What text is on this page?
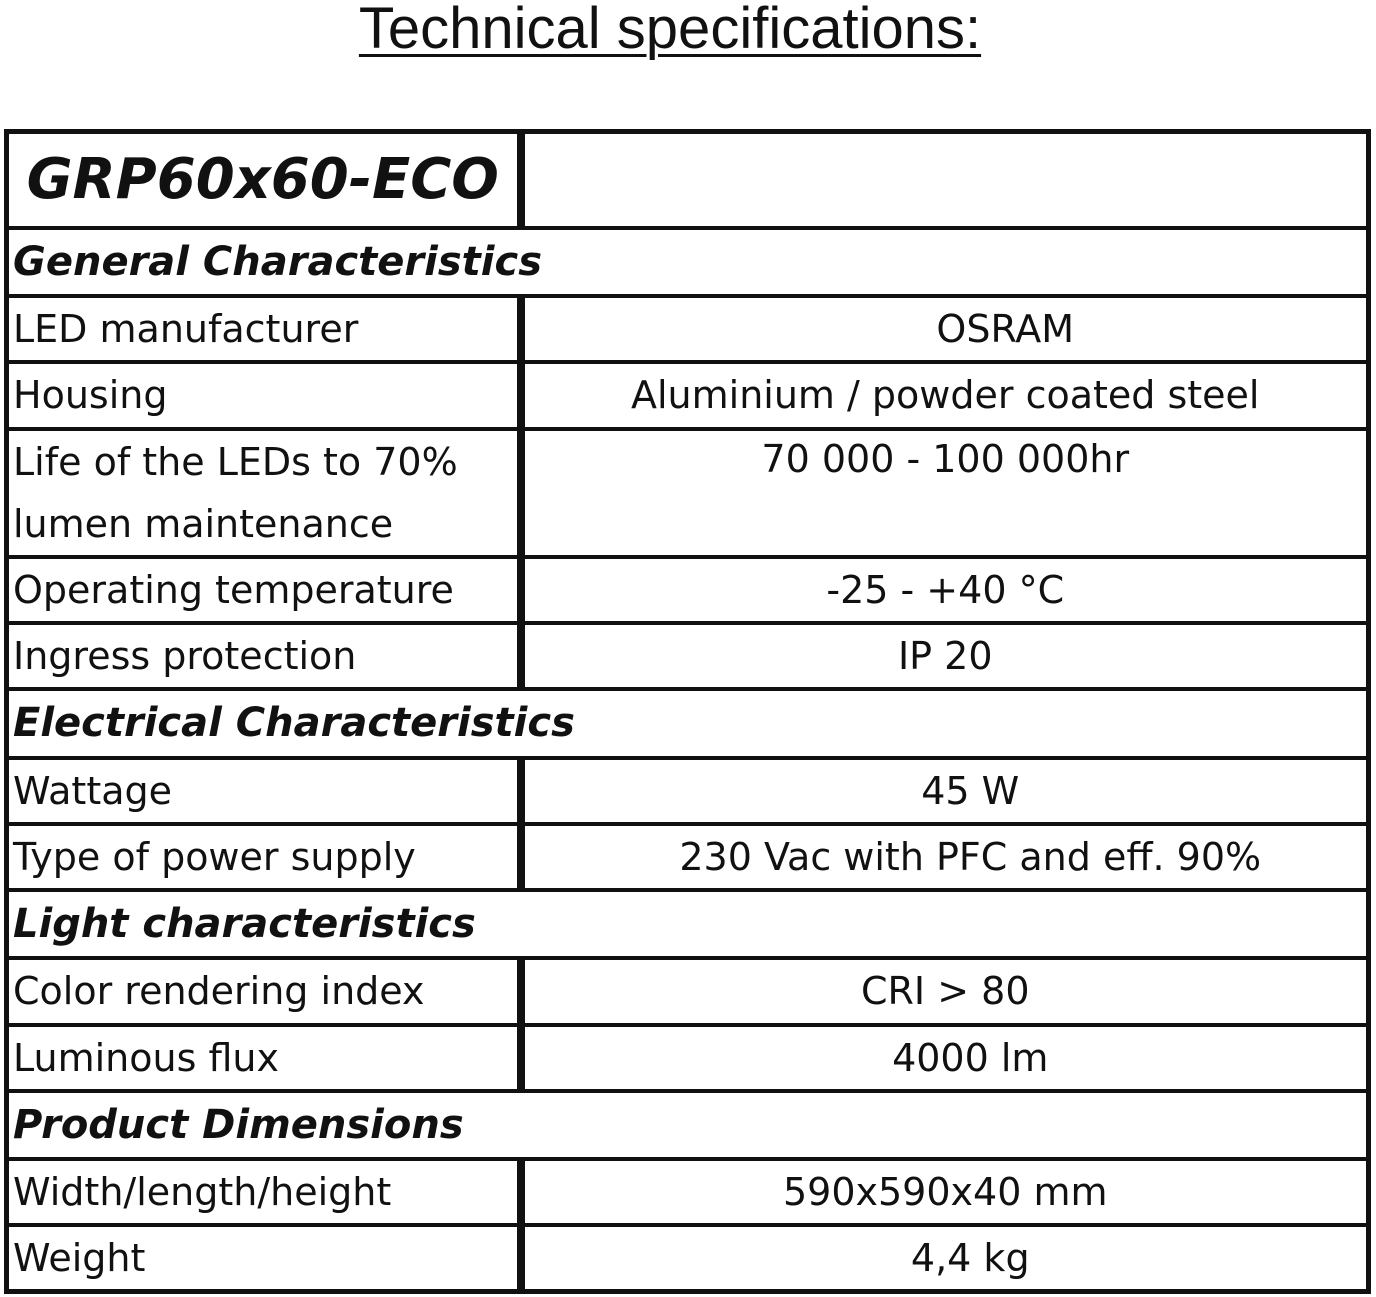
Technical specifications:
GRP60x60-ECO	
General Characteristics	
LED manufacturer	OSRAM
Housing	Aluminium / powder coated steel
Life of the LEDs to 70% lumen maintenance	70 000 - 100 000hr
Operating temperature	-25 - +40 °C
Ingress protection	IP 20
Electrical Characteristics	
Wattage	45 W
Type of power supply	230 Vac with PFC and eff. 90%
Light characteristics	
Color rendering index	CRI > 80
Luminous flux	4000 lm
Product Dimensions	
Width/length/height	590x590x40 mm
Weight	4,4 kg
